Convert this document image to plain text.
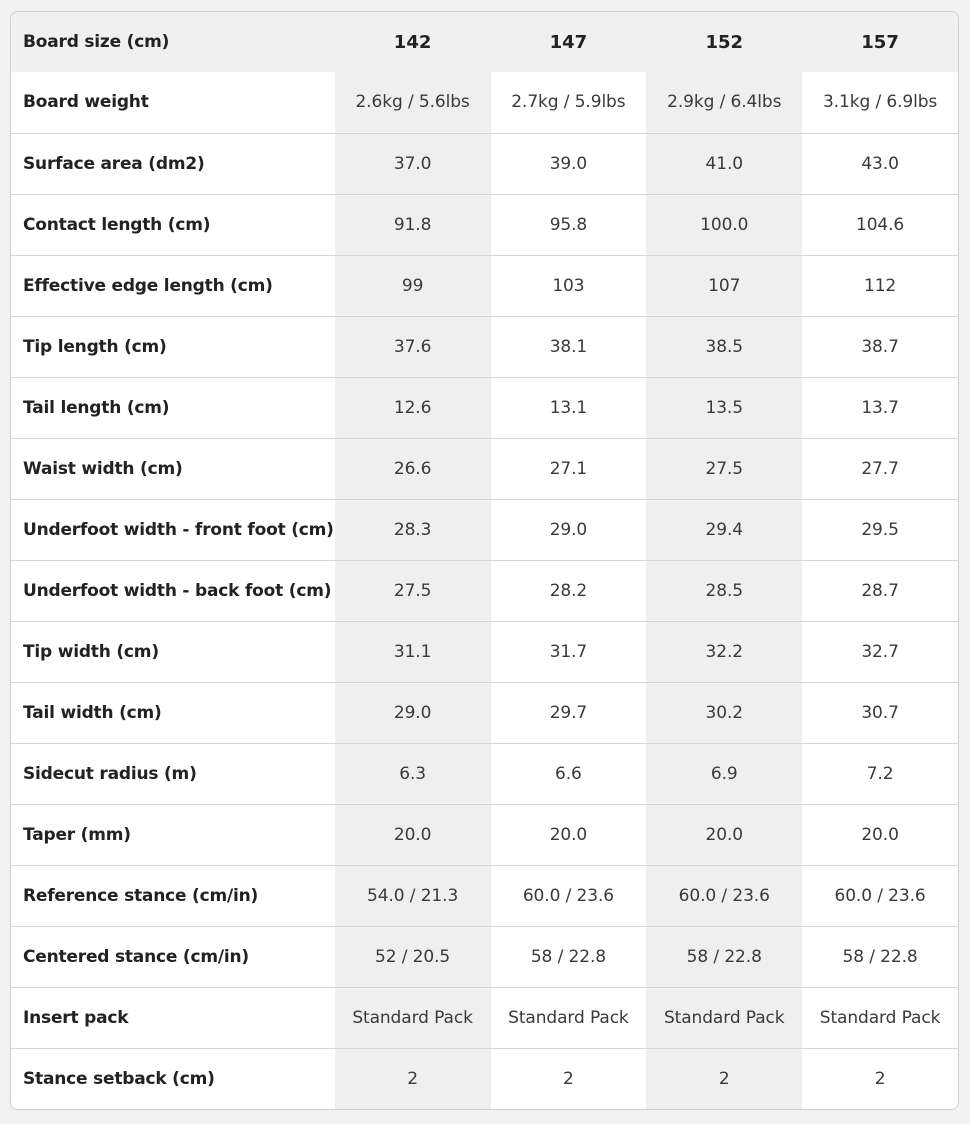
Board size (cm)	142	147	152	157
Board weight	2.6kg / 5.6lbs	2.7kg / 5.9lbs	2.9kg / 6.4lbs	3.1kg / 6.9lbs
Surface area (dm2)	37.0	39.0	41.0	43.0
Contact length (cm)	91.8	95.8	100.0	104.6
Effective edge length (cm)	99	103	107	112
Tip length (cm)	37.6	38.1	38.5	38.7
Tail length (cm)	12.6	13.1	13.5	13.7
Waist width (cm)	26.6	27.1	27.5	27.7
Underfoot width - front foot (cm)	28.3	29.0	29.4	29.5
Underfoot width - back foot (cm)	27.5	28.2	28.5	28.7
Tip width (cm)	31.1	31.7	32.2	32.7
Tail width (cm)	29.0	29.7	30.2	30.7
Sidecut radius (m)	6.3	6.6	6.9	7.2
Taper (mm)	20.0	20.0	20.0	20.0
Reference stance (cm/in)	54.0 / 21.3	60.0 / 23.6	60.0 / 23.6	60.0 / 23.6
Centered stance (cm/in)	52 / 20.5	58 / 22.8	58 / 22.8	58 / 22.8
Insert pack	Standard Pack	Standard Pack	Standard Pack	Standard Pack
Stance setback (cm)	2	2	2	2
